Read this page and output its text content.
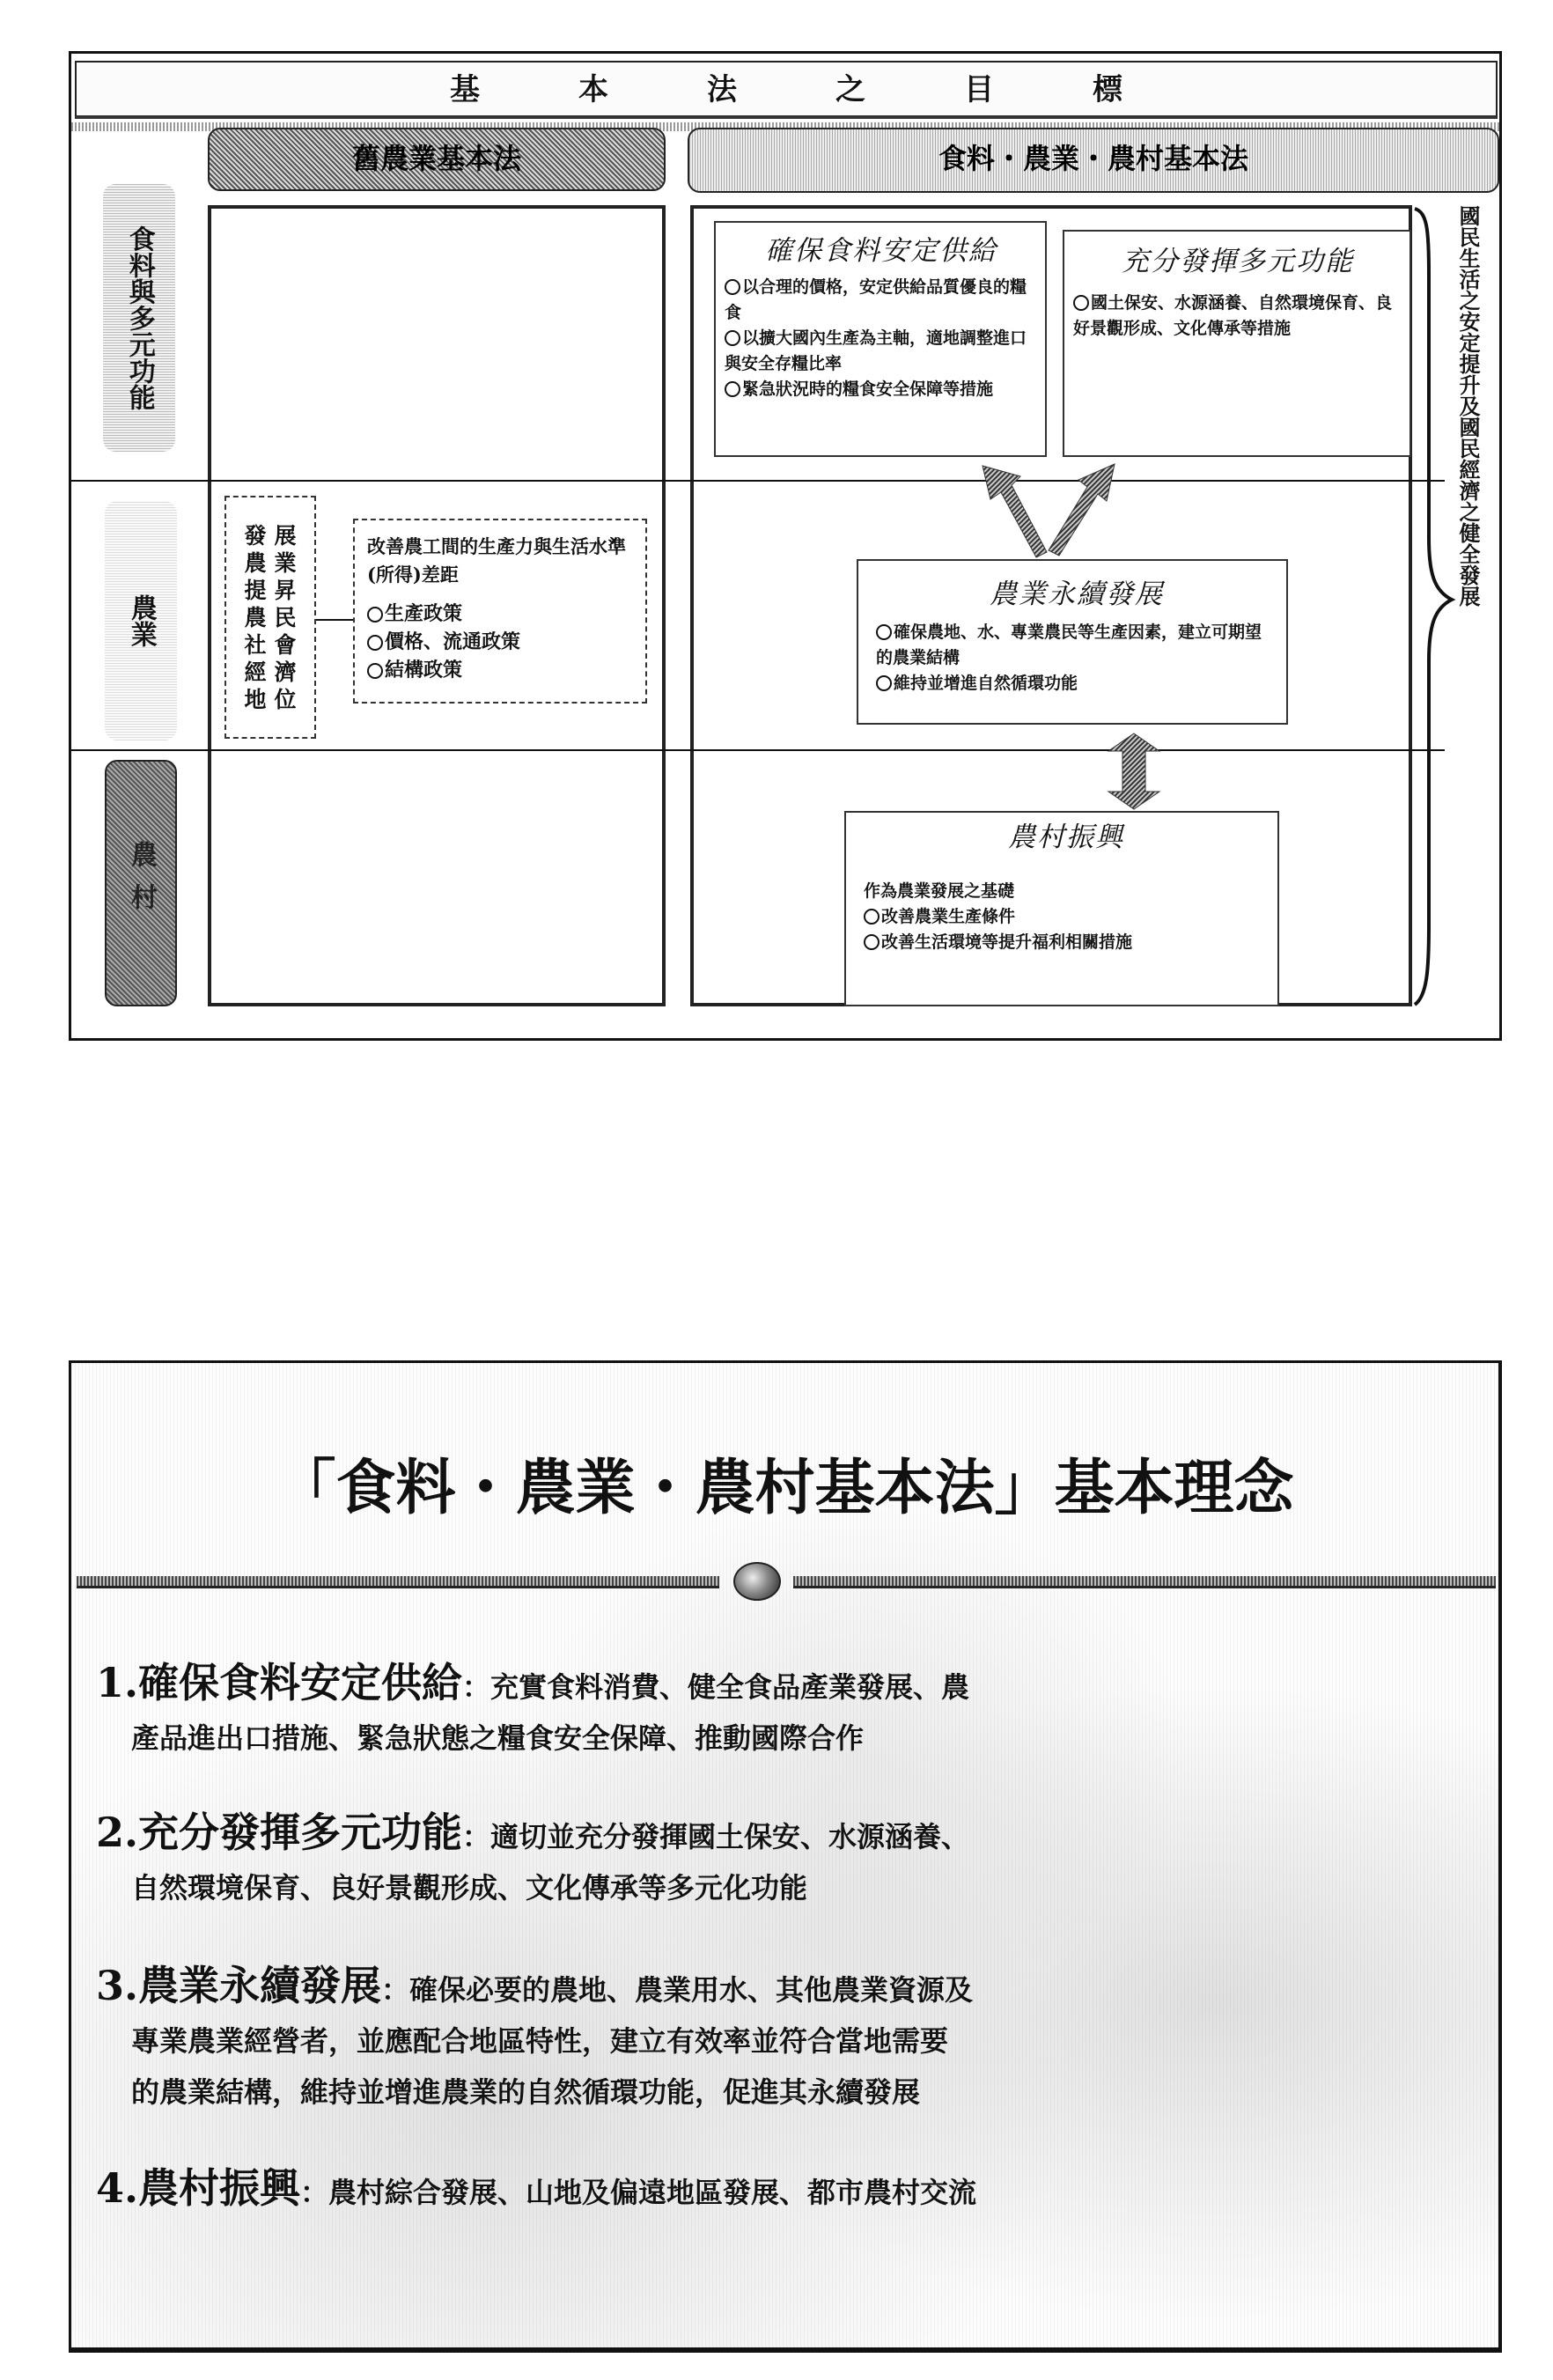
基	本	法	之	目	標
舊農業基本法	食料・農業・農村基本法
食料與多元功能
農業
農村
發 展
農 業
提 昇
農 民
社 會
經 濟
地 位
改善農工間的生產力與生活水準(所得)差距
生產政策
價格、流通政策
結構政策
確保食料安定供給
以合理的價格，安定供給品質優良的糧食
以擴大國內生產為主軸，適地調整進口與安全存糧比率
緊急狀況時的糧食安全保障等措施
充分發揮多元功能
國土保安、水源涵養、自然環境保育、良好景觀形成、文化傳承等措施
農業永續發展
確保農地、水、專業農民等生產因素，建立可期望的農業結構
維持並增進自然循環功能
農村振興
作為農業發展之基礎
改善農業生產條件
改善生活環境等提升福利相關措施
國民生活之安定提升及國民經濟之健全發展
「食料・農業・農村基本法」基本理念
1.確保食料安定供給：充實食料消費、健全食品產業發展、農
產品進出口措施、緊急狀態之糧食安全保障、推動國際合作
2.充分發揮多元功能：適切並充分發揮國土保安、水源涵養、
自然環境保育、良好景觀形成、文化傳承等多元化功能
3.農業永續發展：確保必要的農地、農業用水、其他農業資源及
專業農業經營者，並應配合地區特性，建立有效率並符合當地需要
的農業結構，維持並增進農業的自然循環功能，促進其永續發展
4.農村振興：農村綜合發展、山地及偏遠地區發展、都市農村交流
